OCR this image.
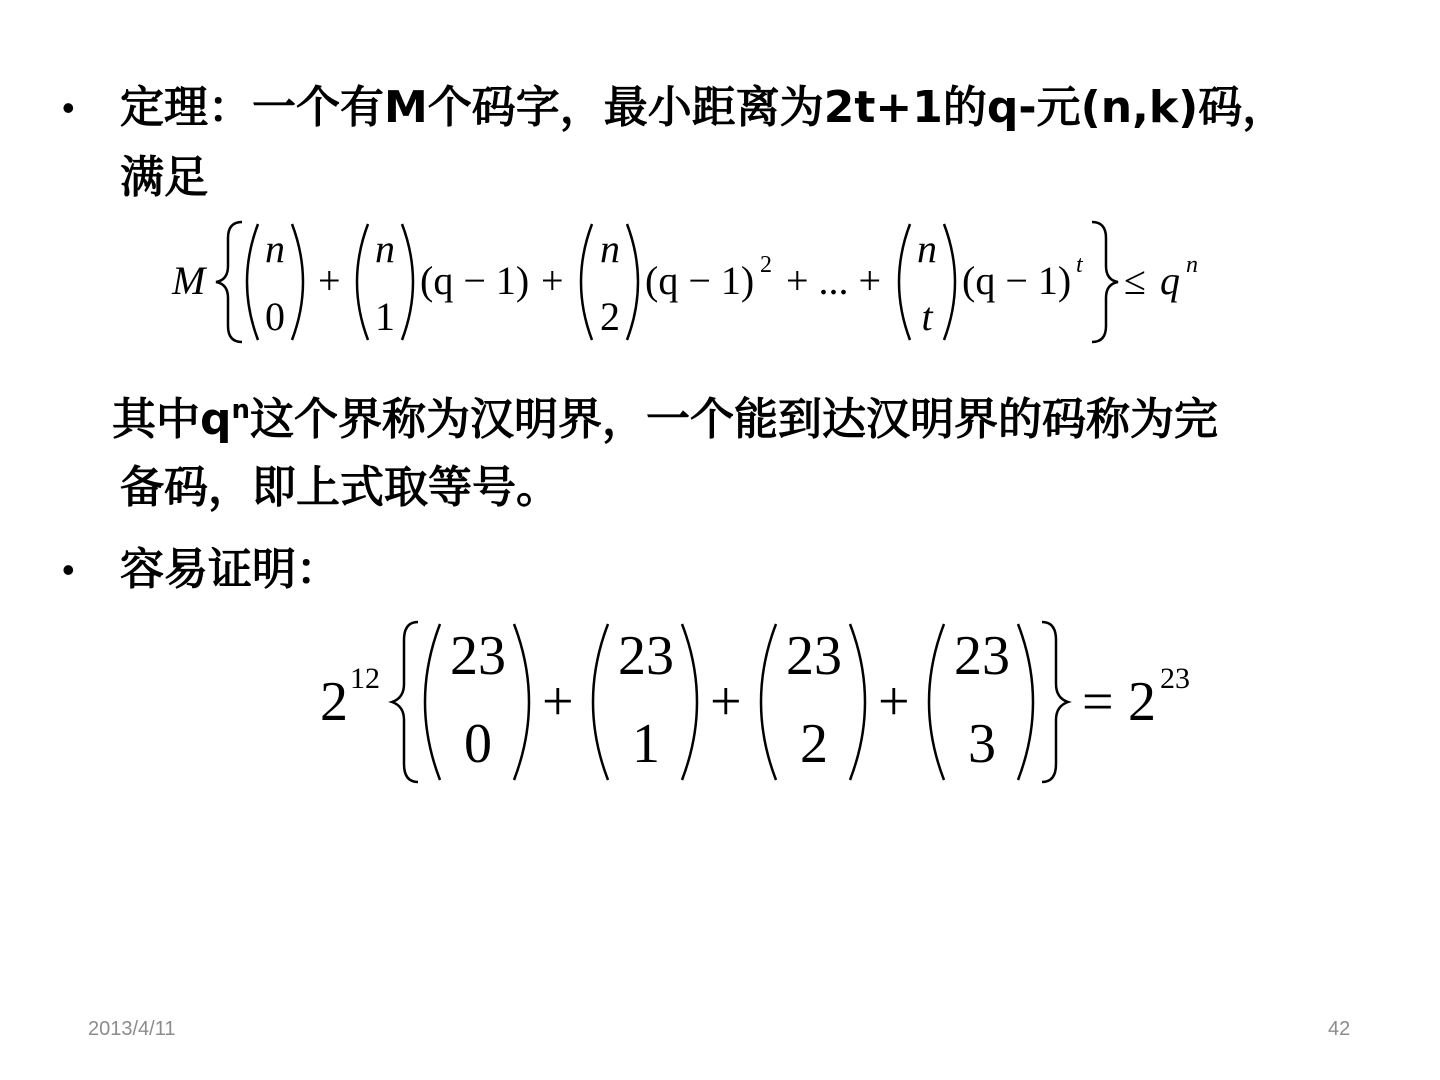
• 定理：一个有M个码字，最小距离为2t+1的q-元(n,k)码，
满足
M
n
0
+
n
1
(q − 1) +
n
2
(q − 1) 2 + ... +
n
t
(q − 1) t ≤ q n
其中$q^n$这个界称为汉明界，一个能到达汉明界的码称为完
备码，即上式取等号。
• 容易证明：
2 12 23
0
+
23
1
+
23
2
+
23
3
= 2 23
2013/4/11	42
